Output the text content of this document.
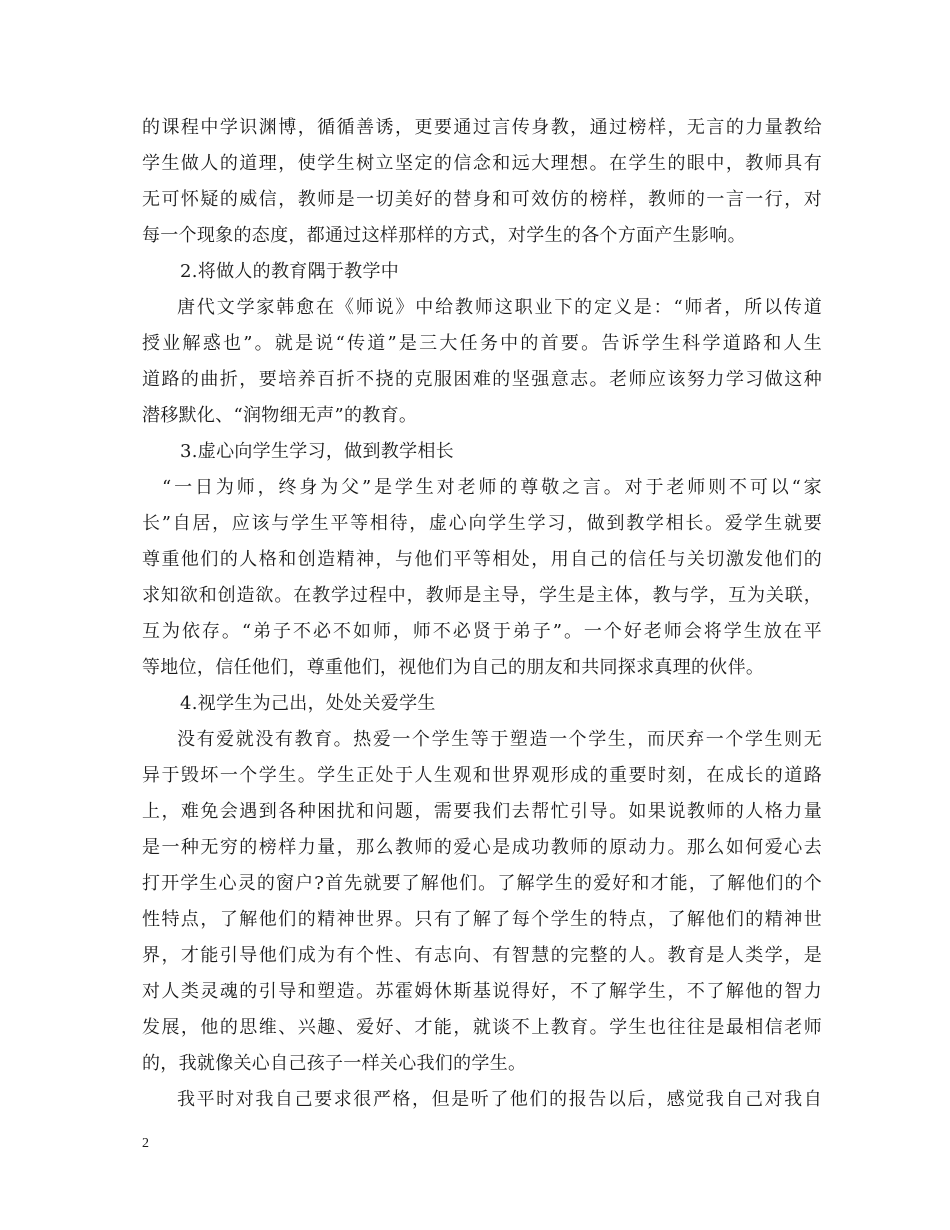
的课程中学识渊博，循循善诱，更要通过言传身教，通过榜样，无言的力量教给
学生做人的道理，使学生树立坚定的信念和远大理想。在学生的眼中，教师具有
无可怀疑的威信，教师是一切美好的替身和可效仿的榜样，教师的一言一行，对
每一个现象的态度，都通过这样那样的方式，对学生的各个方面产生影响。
2.将做人的教育隅于教学中
唐代文学家韩愈在《师说》中给教师这职业下的定义是：“师者，所以传道
授业解惑也”。就是说“传道”是三大任务中的首要。告诉学生科学道路和人生
道路的曲折，要培养百折不挠的克服困难的坚强意志。老师应该努力学习做这种
潜移默化、“润物细无声”的教育。
3.虚心向学生学习，做到教学相长
“一日为师，终身为父”是学生对老师的尊敬之言。对于老师则不可以“家
长”自居，应该与学生平等相待，虚心向学生学习，做到教学相长。爱学生就要
尊重他们的人格和创造精神，与他们平等相处，用自己的信任与关切激发他们的
求知欲和创造欲。在教学过程中，教师是主导，学生是主体，教与学，互为关联，
互为依存。“弟子不必不如师，师不必贤于弟子”。一个好老师会将学生放在平
等地位，信任他们，尊重他们，视他们为自己的朋友和共同探求真理的伙伴。
4.视学生为己出，处处关爱学生
没有爱就没有教育。热爱一个学生等于塑造一个学生，而厌弃一个学生则无
异于毁坏一个学生。学生正处于人生观和世界观形成的重要时刻，在成长的道路
上，难免会遇到各种困扰和问题，需要我们去帮忙引导。如果说教师的人格力量
是一种无穷的榜样力量，那么教师的爱心是成功教师的原动力。那么如何爱心去
打开学生心灵的窗户?首先就要了解他们。了解学生的爱好和才能，了解他们的个
性特点，了解他们的精神世界。只有了解了每个学生的特点，了解他们的精神世
界，才能引导他们成为有个性、有志向、有智慧的完整的人。教育是人类学，是
对人类灵魂的引导和塑造。苏霍姆休斯基说得好，不了解学生，不了解他的智力
发展，他的思维、兴趣、爱好、才能，就谈不上教育。学生也往往是最相信老师
的，我就像关心自己孩子一样关心我们的学生。
我平时对我自己要求很严格，但是听了他们的报告以后，感觉我自己对我自
2
